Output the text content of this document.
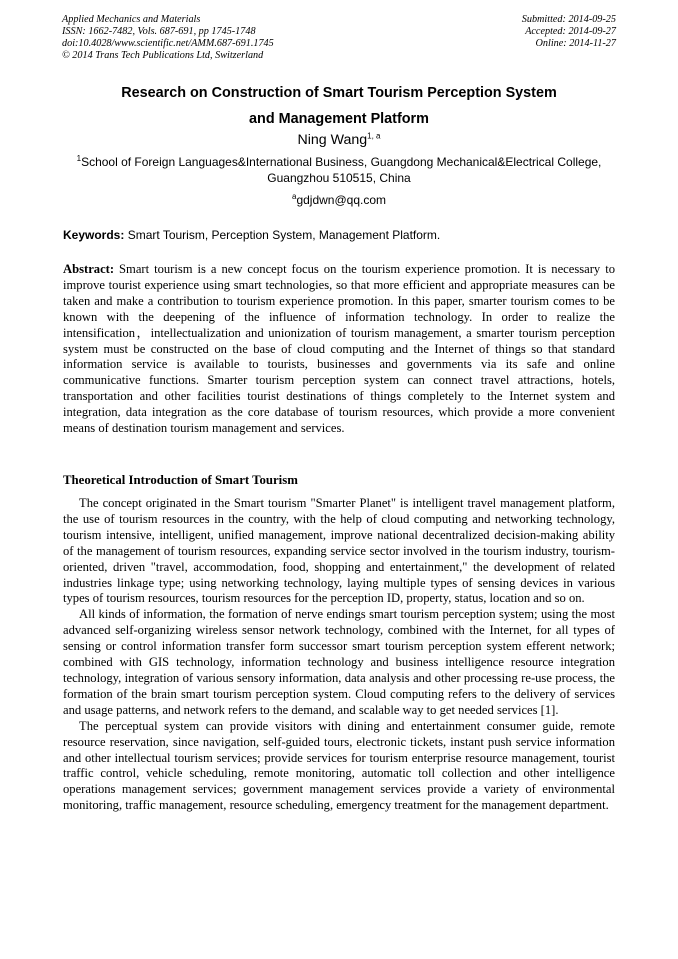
Applied Mechanics and Materials
ISSN: 1662-7482, Vols. 687-691, pp 1745-1748
doi:10.4028/www.scientific.net/AMM.687-691.1745
© 2014 Trans Tech Publications Ltd, Switzerland
Submitted: 2014-09-25
Accepted: 2014-09-27
Online: 2014-11-27
Research on Construction of Smart Tourism Perception System
and Management Platform
Ning Wang$^{1, a}$
$^1$School of Foreign Languages&International Business, Guangdong Mechanical&Electrical College,
Guangzhou 510515, China
$^a$gdjdwn@qq.com
Keywords: Smart Tourism, Perception System, Management Platform.
Abstract: Smart tourism is a new concept focus on the tourism experience promotion. It is necessary to improve tourist experience using smart technologies, so that more efficient and appropriate measures can be taken and make a contribution to tourism experience promotion. In this paper, smarter tourism comes to be known with the deepening of the influence of information technology. In order to realize the intensification，intellectualization and unionization of tourism management, a smarter tourism perception system must be constructed on the base of cloud computing and the Internet of things so that standard information service is available to tourists, businesses and governments via its safe and online communicative functions. Smarter tourism perception system can connect travel attractions, hotels, transportation and other facilities tourist destinations of things completely to the Internet system and integration, data integration as the core database of tourism resources, which provide a more convenient means of destination tourism management and services.
Theoretical Introduction of Smart Tourism

The concept originated in the Smart tourism "Smarter Planet" is intelligent travel management platform, the use of tourism resources in the country, with the help of cloud computing and networking technology, tourism intensive, intelligent, unified management, improve national decentralized decision-making ability of the management of tourism resources, expanding service sector involved in the tourism industry, tourism-oriented, driven "travel, accommodation, food, shopping and entertainment," the development of related industries linkage type; using networking technology, laying multiple types of sensing devices in various types of tourism resources, tourism resources for the perception ID, property, status, location and so on.

All kinds of information, the formation of nerve endings smart tourism perception system; using the most advanced self-organizing wireless sensor network technology, combined with the Internet, for all types of sensing or control information transfer form successor smart tourism perception system efferent network; combined with GIS technology, information technology and business intelligence resource integration technology, integration of various sensory information, data analysis and other processing re-use process, the formation of the brain smart tourism perception system. Cloud computing refers to the delivery of services and usage patterns, and network refers to the demand, and scalable way to get needed services [1].

The perceptual system can provide visitors with dining and entertainment consumer guide, remote resource reservation, since navigation, self-guided tours, electronic tickets, instant push service information and other intellectual tourism services; provide services for tourism enterprise resource management, tourist traffic control, vehicle scheduling, remote monitoring, automatic toll collection and other intelligence operations management services; government management services provide a variety of environmental monitoring, traffic management, resource scheduling, emergency treatment for the management department.
